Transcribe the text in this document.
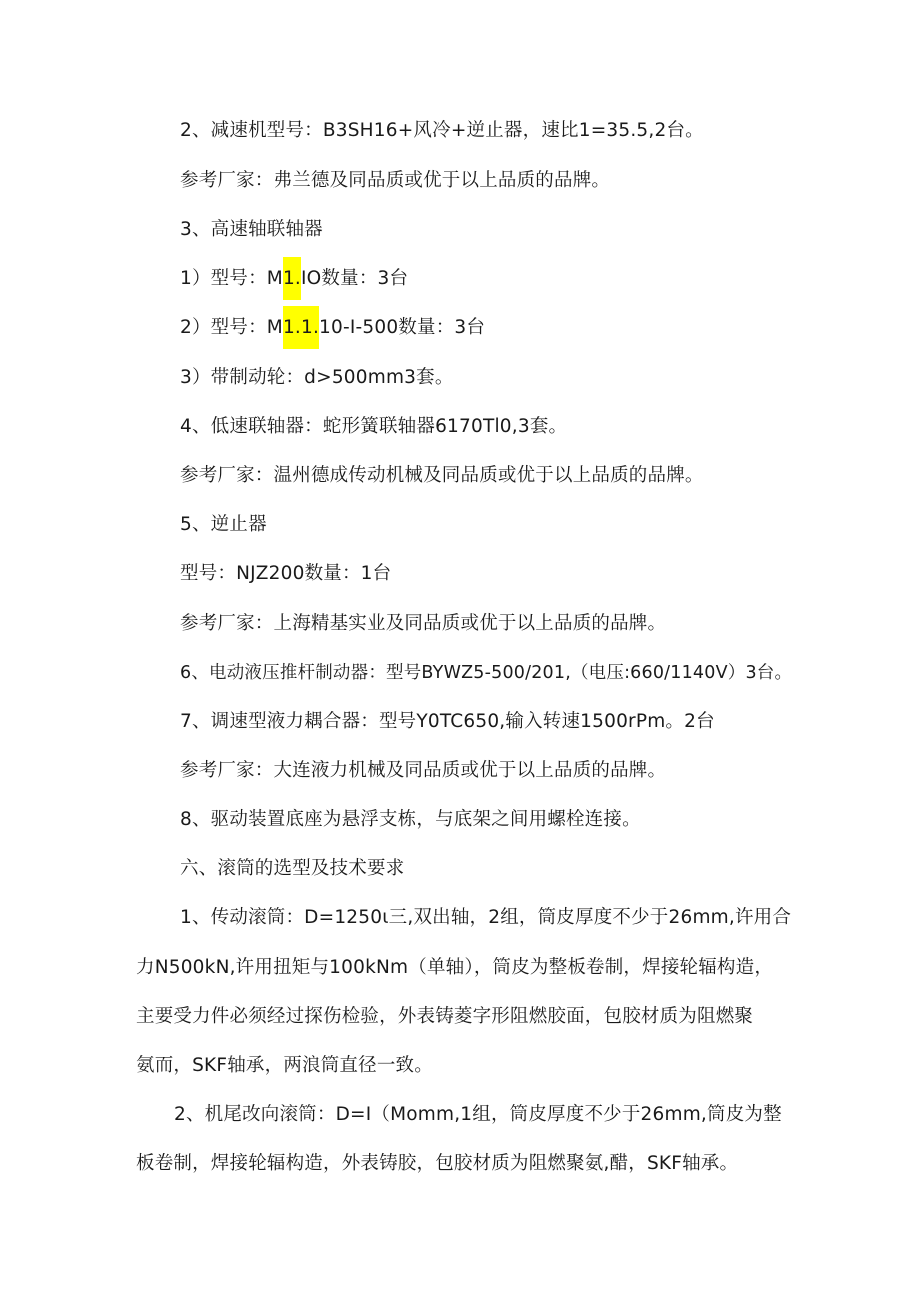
2、减速机型号：B3SH16+风冷+逆止器，速比1=35.5,2台。
参考厂家：弗兰德及同品质或优于以上品质的品牌。
3、高速轴联轴器
1）型号：M1.IO数量：3台
2）型号：M1.1.10-I-500数量：3台
3）带制动轮：d>500mm3套。
4、低速联轴器：蛇形簧联轴器6170Tl0,3套。
参考厂家：温州德成传动机械及同品质或优于以上品质的品牌。
5、逆止器
型号：NJZ200数量：1台
参考厂家：上海精基实业及同品质或优于以上品质的品牌。
6、电动液压推杆制动器：型号BYWZ5-500/201,（电压:660/1140V）3台。
7、调速型液力耦合器：型号Y0TC650,输入转速1500rPm。2台
参考厂家：大连液力机械及同品质或优于以上品质的品牌。
8、驱动装置底座为悬浮支栋，与底架之间用螺栓连接。
六、滚筒的选型及技术要求
1、传动滚筒：D=1250ι三,双出轴，2组，筒皮厚度不少于26mm,许用合
力N500kN,许用扭矩与100kNm（单轴），筒皮为整板卷制，焊接轮辐构造，
主要受力件必须经过探伤检验，外表铸菱字形阻燃胶面，包胶材质为阻燃聚
氨而，SKF轴承，两浪筒直径一致。
2、机尾改向滚筒：D=I（Momm,1组，筒皮厚度不少于26mm,筒皮为整
板卷制，焊接轮辐构造，外表铸胶，包胶材质为阻燃聚氨,醋，SKF轴承。
